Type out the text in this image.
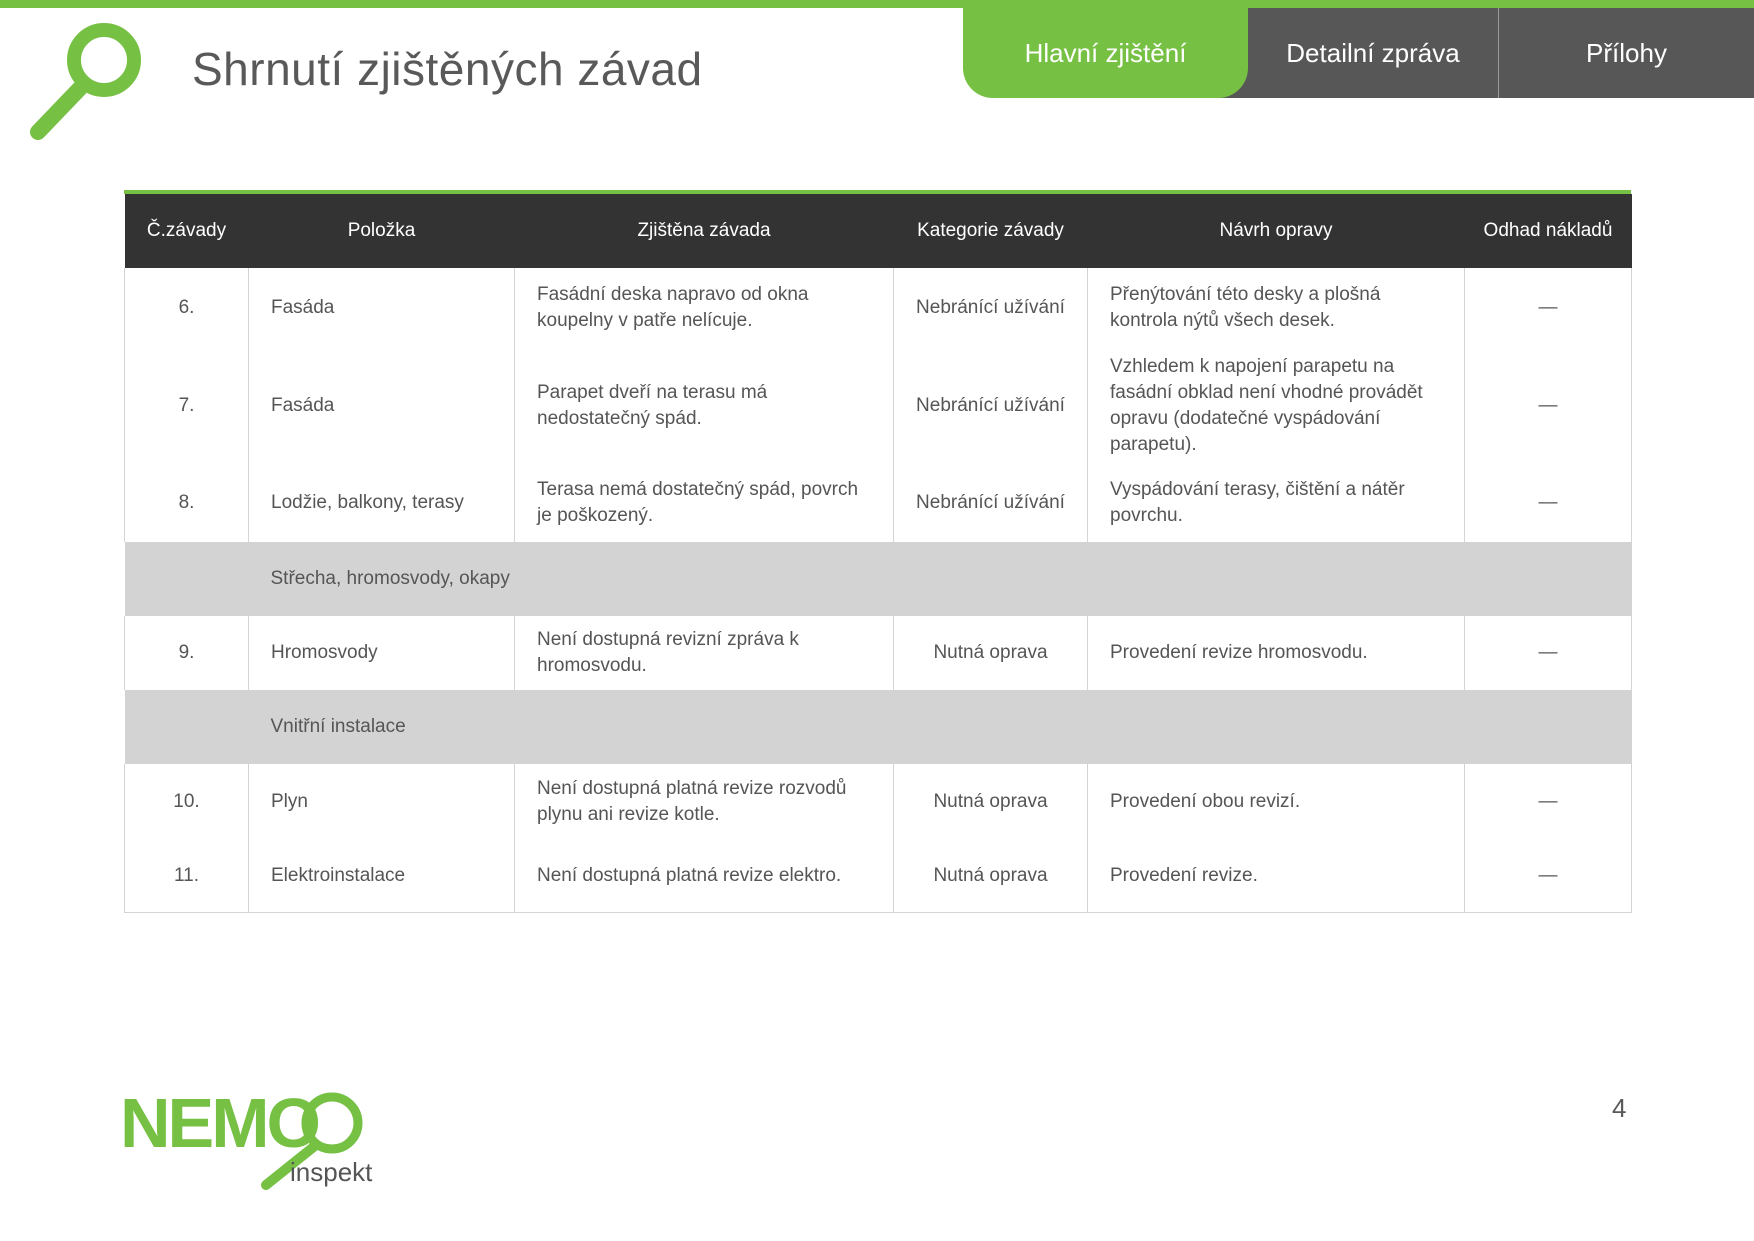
Shrnutí zjištěných závad	Hlavní zjištění	Detailní zpráva	Přílohy
Č.závady	Položka	Zjištěna závada	Kategorie závady	Návrh opravy	Odhad nákladů
6.	Fasáda	Fasádní deska napravo od okna koupelny v patře nelícuje.	Nebránící užívání	Přenýtování této desky a plošná kontrola nýtů všech desek.	—
7.	Fasáda	Parapet dveří na terasu má nedostatečný spád.	Nebránící užívání	Vzhledem k napojení parapetu na fasádní obklad není vhodné provádět opravu (dodatečné vyspádování parapetu).	—
8.	Lodžie, balkony, terasy	Terasa nemá dostatečný spád, povrch je poškozený.	Nebránící užívání	Vyspádování terasy, čištění a nátěr povrchu.	—
	Střecha, hromosvody, okapy				
9.	Hromosvody	Není dostupná revizní zpráva k hromosvodu.	Nutná oprava	Provedení revize hromosvodu.	—
	Vnitřní instalace				
10.	Plyn	Není dostupná platná revize rozvodů plynu ani revize kotle.	Nutná oprava	Provedení obou revizí.	—
11.	Elektroinstalace	Není dostupná platná revize elektro.	Nutná oprava	Provedení revize.	—
NEMO
inspekt
4
